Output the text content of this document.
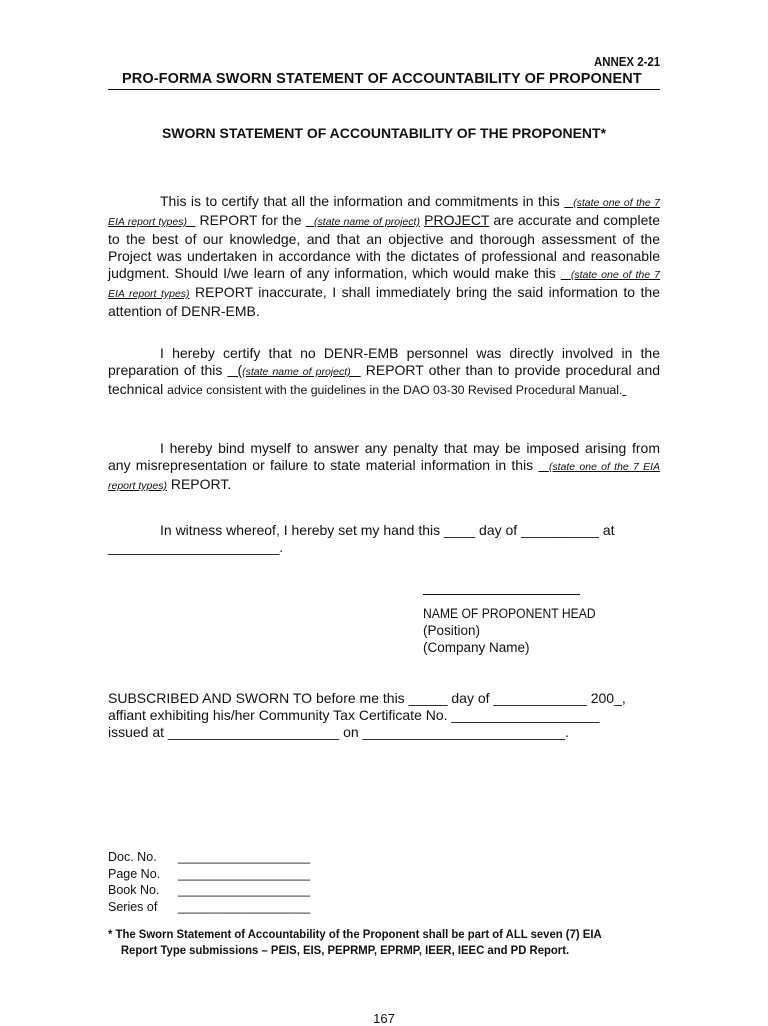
ANNEX 2-21
PRO-FORMA SWORN STATEMENT OF ACCOUNTABILITY OF PROPONENT
SWORN STATEMENT OF ACCOUNTABILITY OF THE PROPONENT*
This is to certify that all the information and commitments in this (state one of the 7 EIA report types) REPORT for the (state name of project) PROJECT are accurate and complete to the best of our knowledge, and that an objective and thorough assessment of the Project was undertaken in accordance with the dictates of professional and reasonable judgment. Should I/we learn of any information, which would make this (state one of the 7 EIA report types) REPORT inaccurate, I shall immediately bring the said information to the attention of DENR-EMB.
I hereby certify that no DENR-EMB personnel was directly involved in the preparation of this   ((state name of project) REPORT other than to provide procedural and technical advice consistent with the guidelines in the DAO 03-30 Revised Procedural Manual.
I hereby bind myself to answer any penalty that may be imposed arising from any misrepresentation or failure to state material information in this (state one of the 7 EIA report types) REPORT.
In witness whereof, I hereby set my hand this ____ day of __________ at
______________________.
NAME OF PROPONENT HEAD
(Position)
(Company Name)
SUBSCRIBED AND SWORN TO before me this _____ day of ____________ 200_,
affiant exhibiting his/her Community Tax Certificate No. ___________________
issued at ______________________ on __________________________.
Doc. No.	___________________
Page No.	___________________
Book No.	___________________
Series of	___________________
* The Sworn Statement of Accountability of the Proponent shall be part of ALL seven (7) EIA
Report Type submissions – PEIS, EIS, PEPRMP, EPRMP, IEER, IEEC and PD Report.
167
